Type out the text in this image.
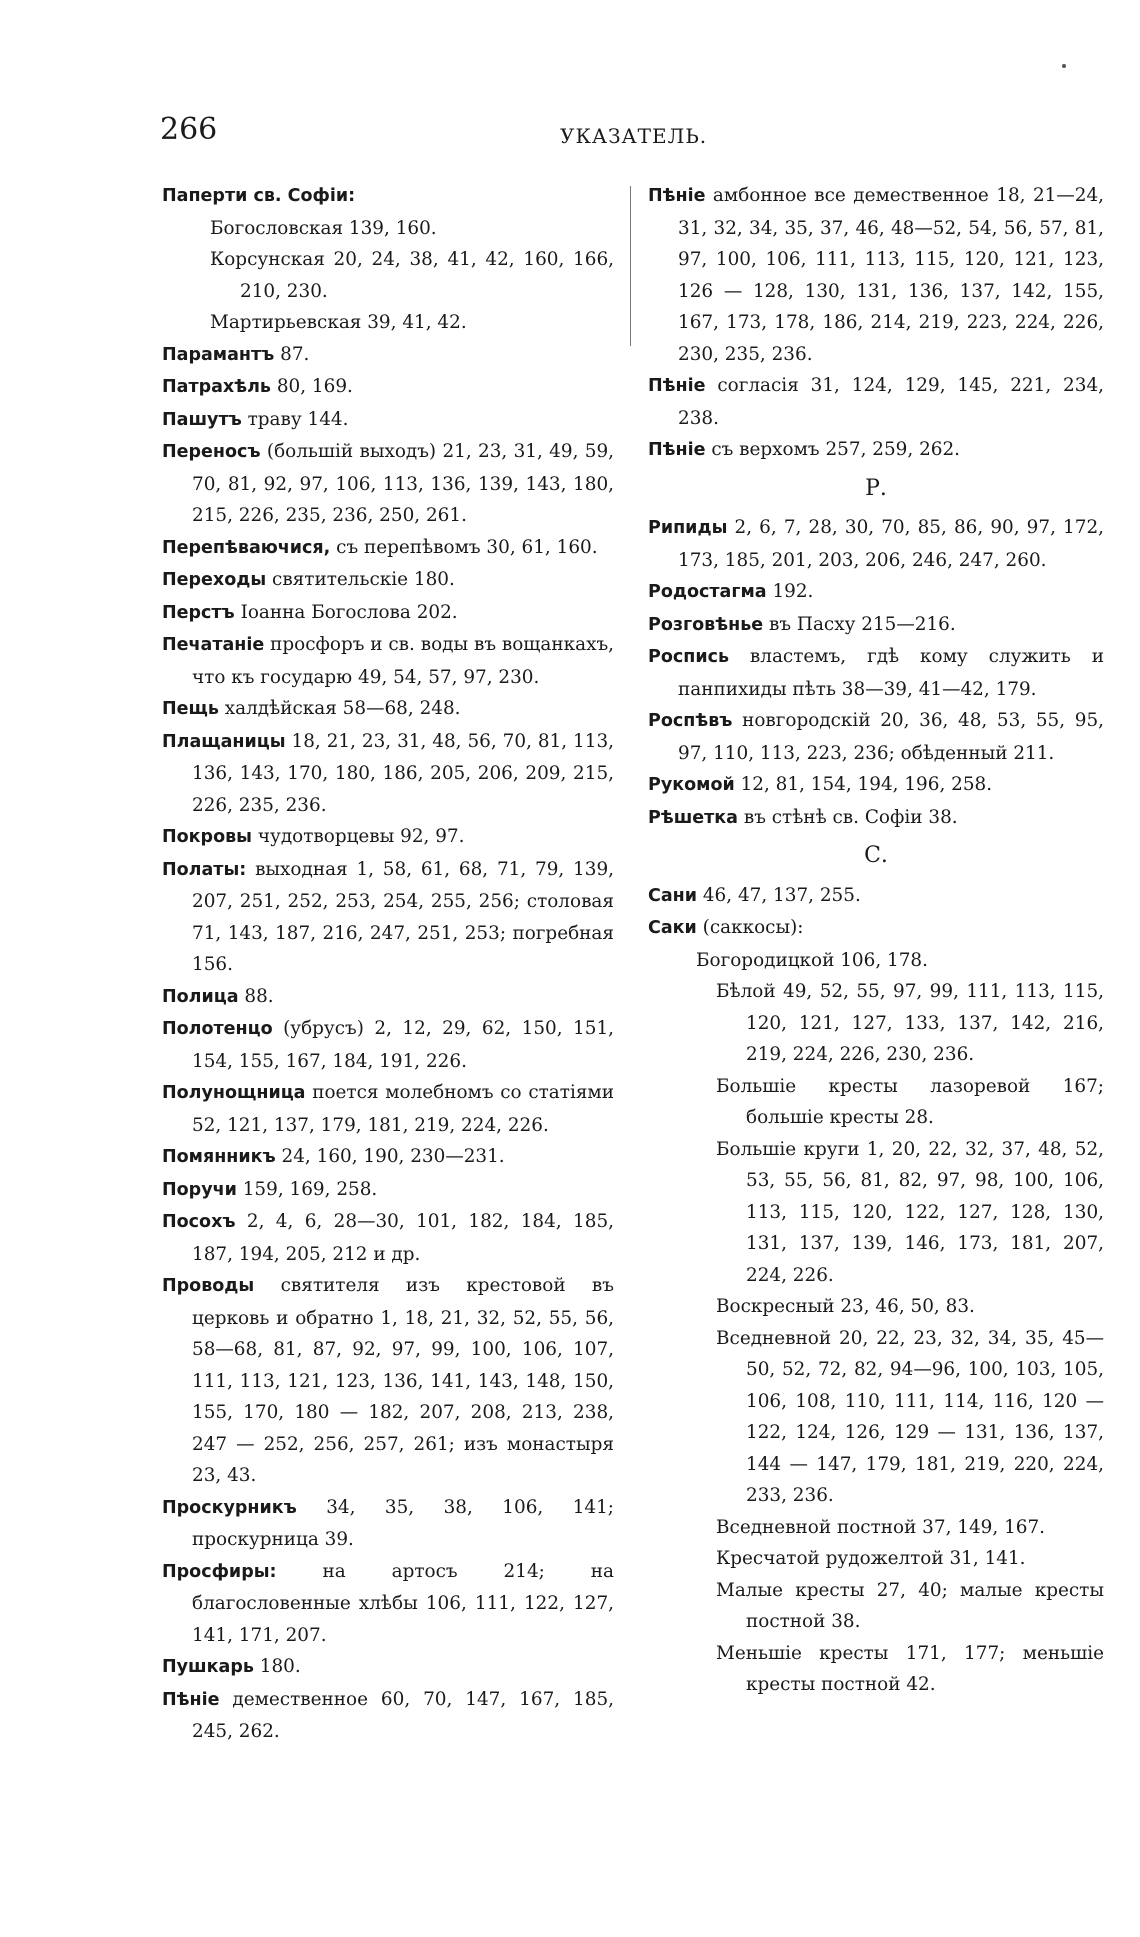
266	УКАЗАТЕЛЬ.

Паперти св. Софіи:

Богословская 139, 160.

Корсунская 20, 24, 38, 41, 42, 160, 166, 210, 230.

Мартирьевская 39, 41, 42.

Парамантъ 87.

Патрахѣль 80, 169.

Пашутъ траву 144.

Переносъ (большій выходъ) 21, 23, 31, 49, 59, 70, 81, 92, 97, 106, 113, 136, 139, 143, 180, 215, 226, 235, 236, 250, 261.

Перепѣваючися, съ перепѣвомъ 30, 61, 160.

Переходы святительскіе 180.

Перстъ Іоанна Богослова 202.

Печатаніе просфоръ и св. воды въ вощанкахъ, что къ государю 49, 54, 57, 97, 230.

Пещь халдѣйская 58—68, 248.

Плащаницы 18, 21, 23, 31, 48, 56, 70, 81, 113, 136, 143, 170, 180, 186, 205, 206, 209, 215, 226, 235, 236.

Покровы чудотворцевы 92, 97.

Полаты: выходная 1, 58, 61, 68, 71, 79, 139, 207, 251, 252, 253, 254, 255, 256; столовая 71, 143, 187, 216, 247, 251, 253; погребная 156.

Полица 88.

Полотенцо (убрусъ) 2, 12, 29, 62, 150, 151, 154, 155, 167, 184, 191, 226.

Полунощница поется молебномъ со статіями 52, 121, 137, 179, 181, 219, 224, 226.

Помянникъ 24, 160, 190, 230—231.

Поручи 159, 169, 258.

Посохъ 2, 4, 6, 28—30, 101, 182, 184, 185, 187, 194, 205, 212 и др.

Проводы святителя изъ крестовой въ церковь и обратно 1, 18, 21, 32, 52, 55, 56, 58—68, 81, 87, 92, 97, 99, 100, 106, 107, 111, 113, 121, 123, 136, 141, 143, 148, 150, 155, 170, 180 — 182, 207, 208, 213, 238, 247 — 252, 256, 257, 261; изъ монастыря 23, 43.

Проскурникъ 34, 35, 38, 106, 141; проскурница 39.

Просфиры: на артосъ 214; на благословенные хлѣбы 106, 111, 122, 127, 141, 171, 207.

Пушкарь 180.

Пѣніе демественное 60, 70, 147, 167, 185, 245, 262.

Пѣніе амбонное все демественное 18, 21—24, 31, 32, 34, 35, 37, 46, 48—52, 54, 56, 57, 81, 97, 100, 106, 111, 113, 115, 120, 121, 123, 126 — 128, 130, 131, 136, 137, 142, 155, 167, 173, 178, 186, 214, 219, 223, 224, 226, 230, 235, 236.

Пѣніе согласія 31, 124, 129, 145, 221, 234, 238.

Пѣніе съ верхомъ 257, 259, 262.

Р.

Рипиды 2, 6, 7, 28, 30, 70, 85, 86, 90, 97, 172, 173, 185, 201, 203, 206, 246, 247, 260.

Родостагма 192.

Розговѣнье въ Пасху 215—216.

Роспись властемъ, гдѣ кому служить и панпихиды пѣть 38—39, 41—42, 179.

Роспѣвъ новгородскій 20, 36, 48, 53, 55, 95, 97, 110, 113, 223, 236; обѣденный 211.

Рукомой 12, 81, 154, 194, 196, 258.

Рѣшетка въ стѣнѣ св. Софіи 38.

С.

Сани 46, 47, 137, 255.

Саки (саккосы):

Богородицкой 106, 178.

Бѣлой 49, 52, 55, 97, 99, 111, 113, 115, 120, 121, 127, 133, 137, 142, 216, 219, 224, 226, 230, 236.

Большіе кресты лазоревой 167; большіе кресты 28.

Большіе круги 1, 20, 22, 32, 37, 48, 52, 53, 55, 56, 81, 82, 97, 98, 100, 106, 113, 115, 120, 122, 127, 128, 130, 131, 137, 139, 146, 173, 181, 207, 224, 226.

Воскресный 23, 46, 50, 83.

Вседневной 20, 22, 23, 32, 34, 35, 45—50, 52, 72, 82, 94—96, 100, 103, 105, 106, 108, 110, 111, 114, 116, 120 — 122, 124, 126, 129 — 131, 136, 137, 144 — 147, 179, 181, 219, 220, 224, 233, 236.

Вседневной постной 37, 149, 167.

Кресчатой рудожелтой 31, 141.

Малые кресты 27, 40; малые кресты постной 38.

Меньшіе кресты 171, 177; меньшіе кресты постной 42.
